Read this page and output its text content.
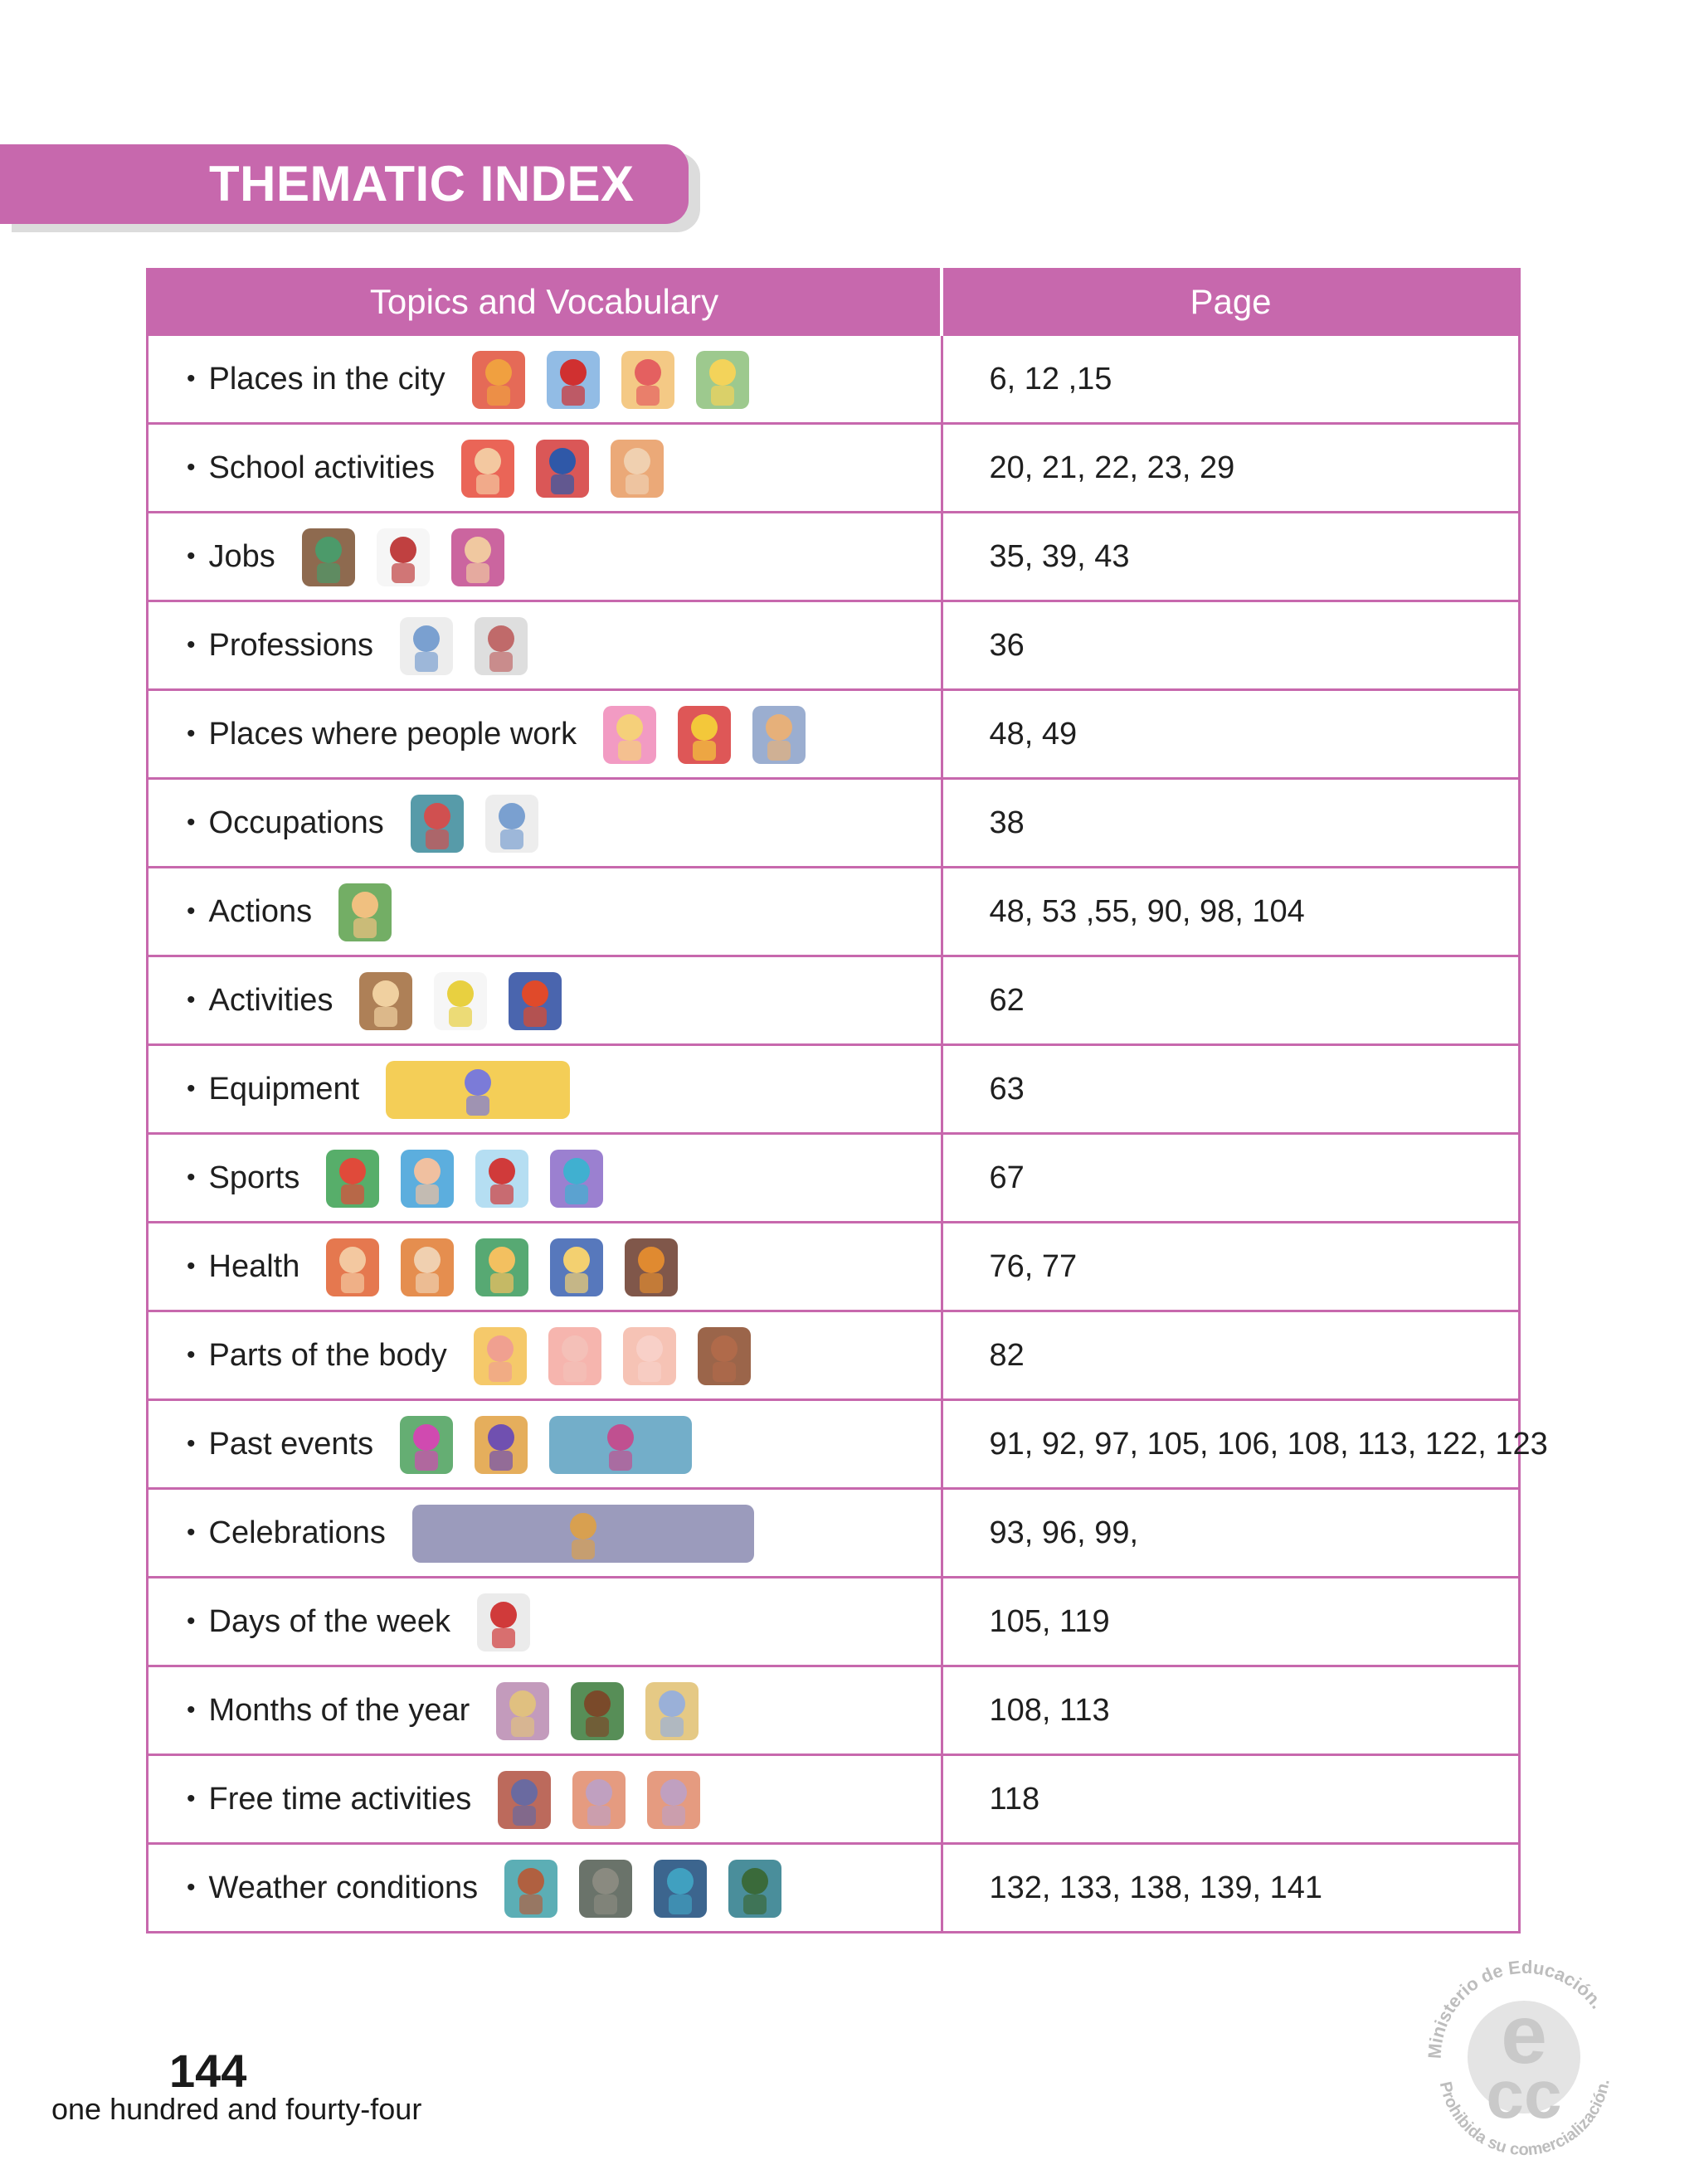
THEMATIC INDEX
Topics and Vocabulary	Page

• Places in the city	6, 12 ,15

• School activities	20, 21, 22, 23, 29

• Jobs	35, 39, 43

• Professions	36

• Places where people work	48, 49

• Occupations	38

• Actions	48, 53 ,55, 90, 98, 104

• Activities	62

• Equipment	63

• Sports	67

• Health	76, 77

• Parts of the body	82

• Past events	91, 92, 97, 105, 106, 108, 113, 122, 123

• Celebrations	93, 96, 99,

• Days of the week	105, 119

• Months of the year	108, 113

• Free time activities	118

• Weather conditions	132, 133, 138, 139, 141
144
one hundred and fourty-four
e
cc
Ministerio de Educación.
Prohibida su comercialización.
